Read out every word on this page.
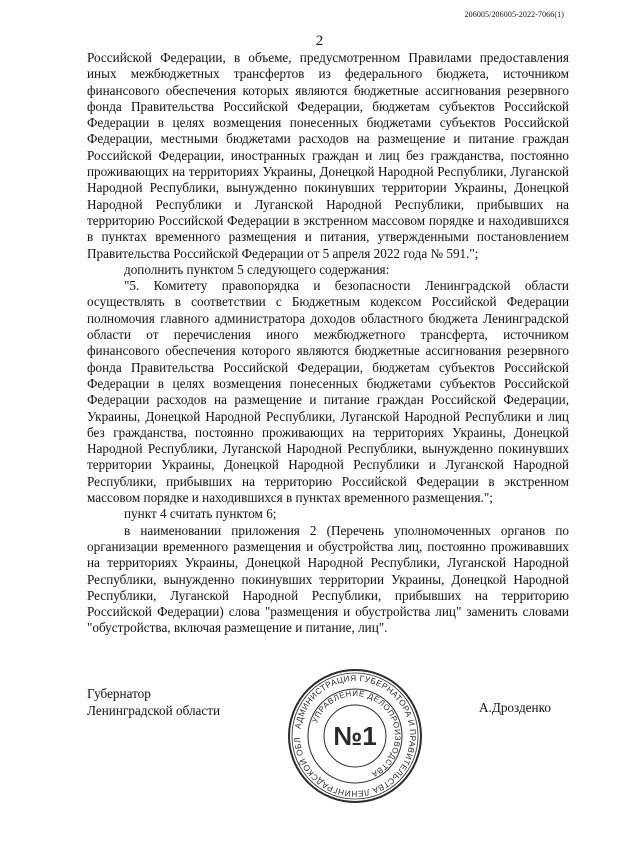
206005/206005-2022-7066(1)
2

Российской Федерации, в объеме, предусмотренном Правилами предоставления иных межбюджетных трансфертов из федерального бюджета, источником финансового обеспечения которых являются бюджетные ассигнования резервного фонда Правительства Российской Федерации, бюджетам субъектов Российской Федерации в целях возмещения понесенных бюджетами субъектов Российской Федерации, местными бюджетами расходов на размещение и питание граждан Российской Федерации, иностранных граждан и лиц без гражданства, постоянно проживающих на территориях Украины, Донецкой Народной Республики, Луганской Народной Республики, вынужденно покинувших территории Украины, Донецкой Народной Республики и Луганской Народной Республики, прибывших на территорию Российской Федерации в экстренном массовом порядке и находившихся в пунктах временного размещения и питания, утвержденными постановлением Правительства Российской Федерации от 5 апреля 2022 года № 591.";

дополнить пунктом 5 следующего содержания:

"5. Комитету правопорядка и безопасности Ленинградской области осуществлять в соответствии с Бюджетным кодексом Российской Федерации полномочия главного администратора доходов областного бюджета Ленинградской области от перечисления иного межбюджетного трансферта, источником финансового обеспечения которого являются бюджетные ассигнования резервного фонда Правительства Российской Федерации, бюджетам субъектов Российской Федерации в целях возмещения понесенных бюджетами субъектов Российской Федерации расходов на размещение и питание граждан Российской Федерации, Украины, Донецкой Народной Республики, Луганской Народной Республики и лиц без гражданства, постоянно проживающих на территориях Украины, Донецкой Народной Республики, Луганской Народной Республики, вынужденно покинувших территории Украины, Донецкой Народной Республики и Луганской Народной Республики, прибывших на территорию Российской Федерации в экстренном массовом порядке и находившихся в пунктах временного размещения.";

пункт 4 считать пунктом 6;

в наименовании приложения 2 (Перечень уполномоченных органов по организации временного размещения и обустройства лиц, постоянно проживавших на территориях Украины, Донецкой Народной Республики, Луганской Народной Республики, вынужденно покинувших территории Украины, Донецкой Народной Республики, Луганской Народной Республики, прибывших на территорию Российской Федерации) слова "размещения и обустройства лиц" заменить словами "обустройства, включая размещение и питание, лиц".

Губернатор
Ленинградской области	А.Дрозденко
АДМИНИСТРАЦИЯ ГУБЕРНАТОРА И ПРАВИТЕЛЬСТВА ЛЕНИНГРАДСКОЙ ОБЛ
УПРАВЛЕНИЕ ДЕЛОПРОИЗВОДСТВА
№1
